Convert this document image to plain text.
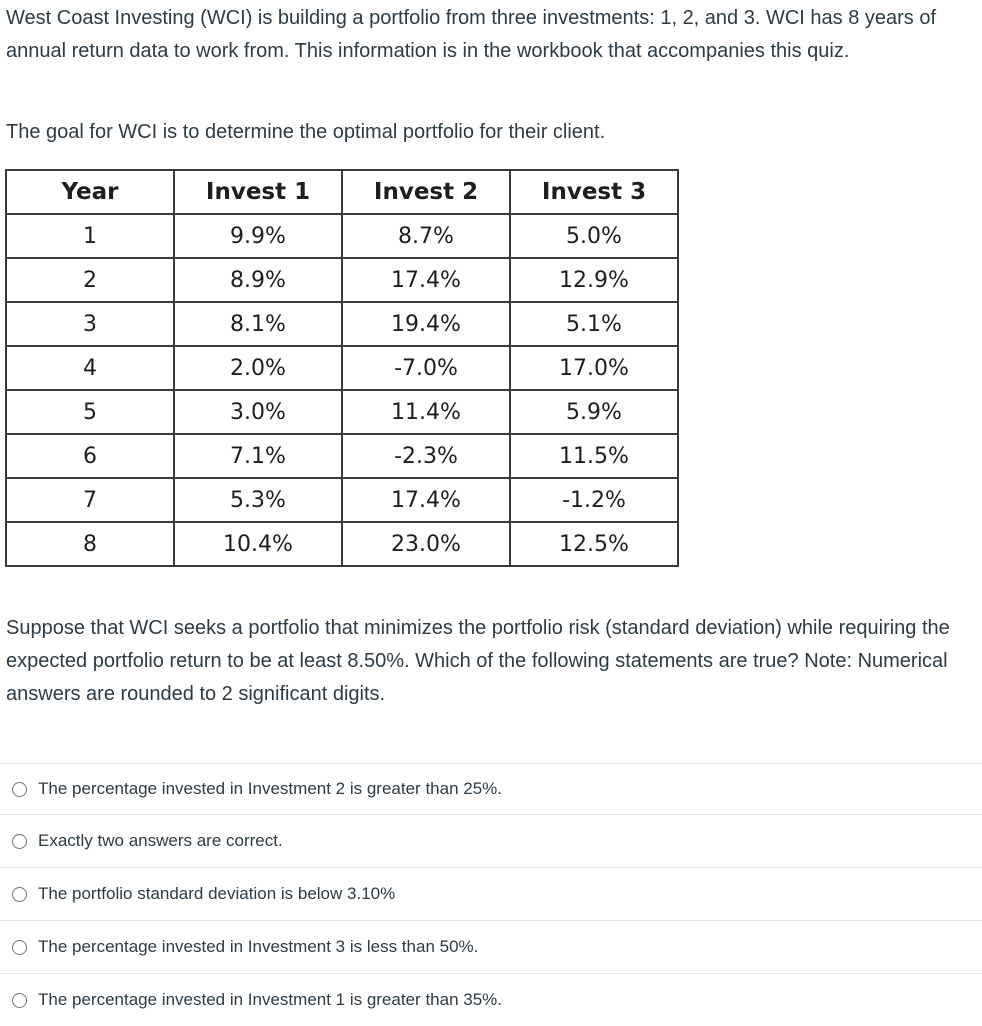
West Coast Investing (WCI) is building a portfolio from three investments: 1, 2, and 3. WCI has 8 years of annual return data to work from. This information is in the workbook that accompanies this quiz.

The goal for WCI is to determine the optimal portfolio for their client.

Year	Invest 1	Invest 2	Invest 3
1	9.9%	8.7%	5.0%
2	8.9%	17.4%	12.9%
3	8.1%	19.4%	5.1%
4	2.0%	-7.0%	17.0%
5	3.0%	11.4%	5.9%
6	7.1%	-2.3%	11.5%
7	5.3%	17.4%	-1.2%
8	10.4%	23.0%	12.5%

Suppose that WCI seeks a portfolio that minimizes the portfolio risk (standard deviation) while requiring the expected portfolio return to be at least 8.50%. Which of the following statements are true? Note: Numerical answers are rounded to 2 significant digits.

The percentage invested in Investment 2 is greater than 25%.
Exactly two answers are correct.
The portfolio standard deviation is below 3.10%
The percentage invested in Investment 3 is less than 50%.
The percentage invested in Investment 1 is greater than 35%.
